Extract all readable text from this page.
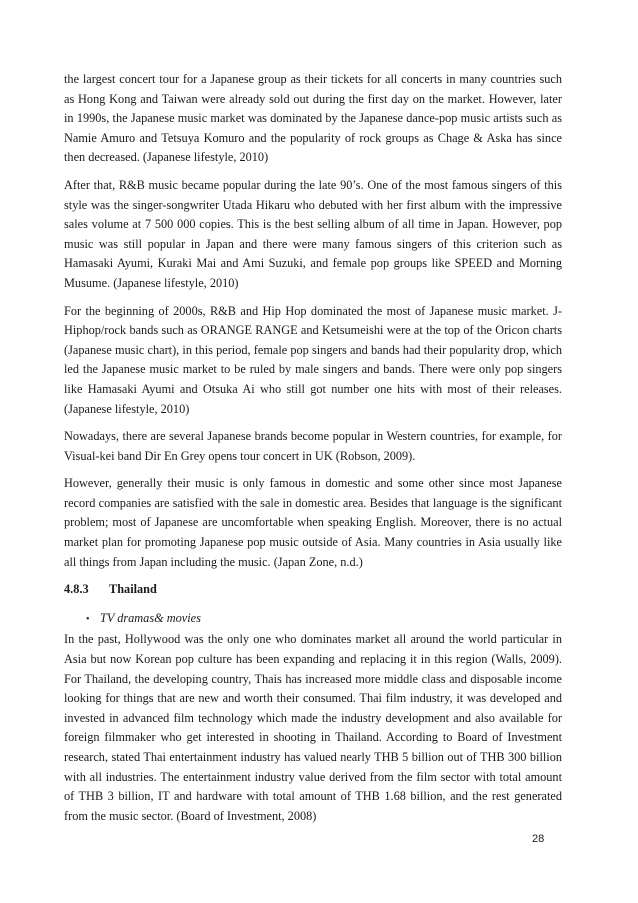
the largest concert tour for a Japanese group as their tickets for all concerts in many countries such as Hong Kong and Taiwan were already sold out during the first day on the market. However, later in 1990s, the Japanese music market was dominated by the Japanese dance-pop music artists such as Namie Amuro and Tetsuya Komuro and the popularity of rock groups as Chage & Aska has since then decreased. (Japanese lifestyle, 2010)

After that, R&B music became popular during the late 90’s. One of the most famous singers of this style was the singer-songwriter Utada Hikaru who debuted with her first album with the impressive sales volume at 7 500 000 copies. This is the best selling album of all time in Japan. However, pop music was still popular in Japan and there were many famous singers of this criterion such as Hamasaki Ayumi, Kuraki Mai and Ami Suzuki, and female pop groups like SPEED and Morning Musume. (Japanese lifestyle, 2010)

For the beginning of 2000s, R&B and Hip Hop dominated the most of Japanese music market. J-Hiphop/rock bands such as ORANGE RANGE and Ketsumeishi were at the top of the Oricon charts (Japanese music chart), in this period, female pop singers and bands had their popularity drop, which led the Japanese music market to be ruled by male singers and bands. There were only pop singers like Hamasaki Ayumi and Otsuka Ai who still got number one hits with most of their releases. (Japanese lifestyle, 2010)

Nowadays, there are several Japanese brands become popular in Western countries, for example, for Visual-kei band Dir En Grey opens tour concert in UK (Robson, 2009).

However, generally their music is only famous in domestic and some other since most Japanese record companies are satisfied with the sale in domestic area. Besides that language is the significant problem; most of Japanese are uncomfortable when speaking English. Moreover, there is no actual market plan for promoting Japanese pop music outside of Asia. Many countries in Asia usually like all things from Japan including the music. (Japan Zone, n.d.)

4.8.3	Thailand
• TV dramas& movies

In the past, Hollywood was the only one who dominates market all around the world particular in Asia but now Korean pop culture has been expanding and replacing it in this region (Walls, 2009). For Thailand, the developing country, Thais has increased more middle class and disposable income looking for things that are new and worth their consumed. Thai film industry, it was developed and invested in advanced film technology which made the industry development and also available for foreign filmmaker who get interested in shooting in Thailand. According to Board of Investment research, stated Thai entertainment industry has valued nearly THB 5 billion out of THB 300 billion with all industries. The entertainment industry value derived from the film sector with total amount of THB 3 billion, IT and hardware with total amount of THB 1.68 billion, and the rest generated from the music sector. (Board of Investment, 2008)

28
